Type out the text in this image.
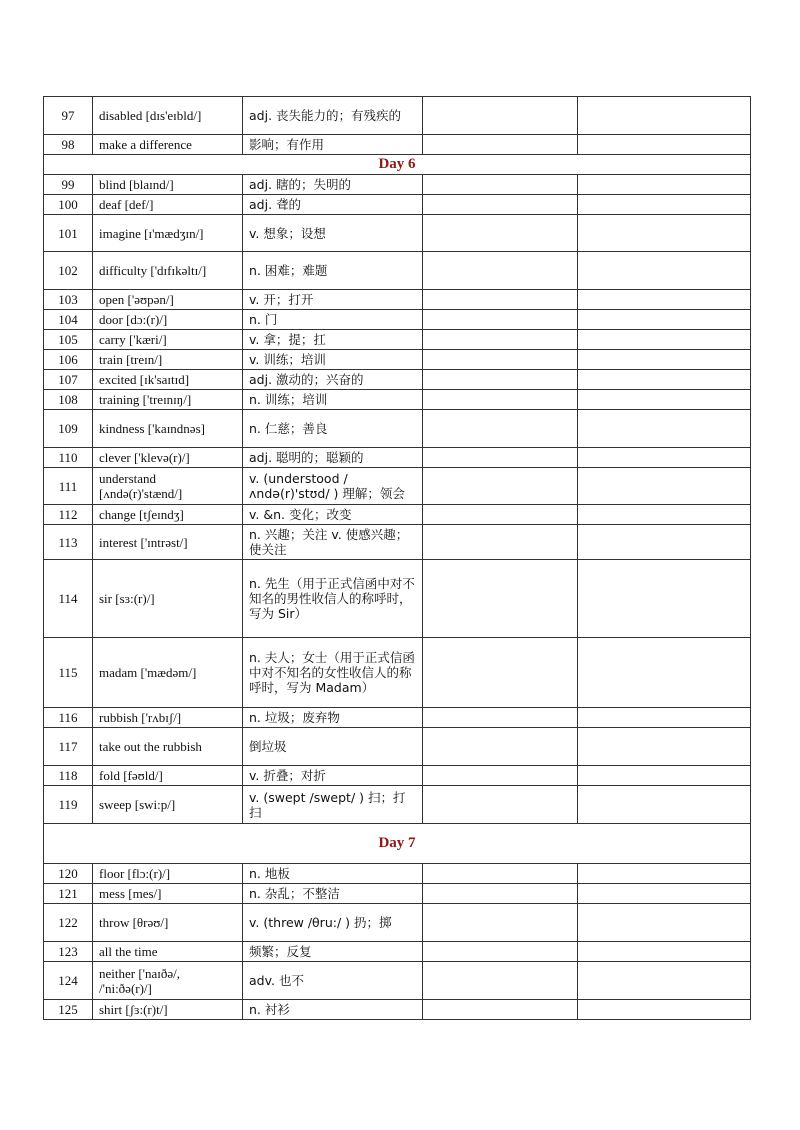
97	disabled [dɪs'eɪbld/]	adj. 丧失能力的；有残疾的		
98	make a difference	影响；有作用		
Day 6				
99	blind [blaɪnd/]	adj. 瞎的；失明的		
100	deaf [def/]	adj. 聋的		
101	imagine [ɪ'mædʒɪn/]	v. 想象；设想		
102	difficulty ['dɪfɪkəltɪ/]	n. 困难；难题		
103	open ['əʊpən/]	v. 开；打开		
104	door [dɔ:(r)/]	n. 门		
105	carry ['kæri/]	v. 拿；提；扛		
106	train [treɪn/]	v. 训练；培训		
107	excited [ɪk'saɪtɪd]	adj. 激动的；兴奋的		
108	training ['treɪnɪŋ/]	n. 训练；培训		
109	kindness ['kaɪndnəs]	n. 仁慈；善良		
110	clever ['klevə(r)/]	adj. 聪明的；聪颖的		
111	understand [ʌndə(r)'stænd/]	v. (understood /ʌndə(r)'stʊd/ ) 理解；领会		
112	change [tʃeɪndʒ]	v. &n. 变化；改变		
113	interest ['ɪntrəst/]	n. 兴趣；关注 v. 使感兴趣；使关注		
114	sir [sɜ:(r)/]	n. 先生（用于正式信函中对不知名的男性收信人的称呼时，写为 Sir）		
115	madam ['mædəm/]	n. 夫人；女士（用于正式信函中对不知名的女性收信人的称呼时，写为 Madam）		
116	rubbish ['rʌbɪʃ/]	n. 垃圾；废弃物		
117	take out the rubbish	倒垃圾		
118	fold [fəʊld/]	v. 折叠；对折		
119	sweep [swi:p/]	v. (swept /swept/ ) 扫；打扫		
Day 7				
120	floor [flɔ:(r)/]	n. 地板		
121	mess [mes/]	n. 杂乱；不整洁		
122	throw [θrəʊ/]	v. (threw /θru:/ ) 扔；掷		
123	all the time	频繁；反复		
124	neither ['naɪðə/, /'ni:ðə(r)/]	adv. 也不		
125	shirt [ʃɜ:(r)t/]	n. 衬衫		
